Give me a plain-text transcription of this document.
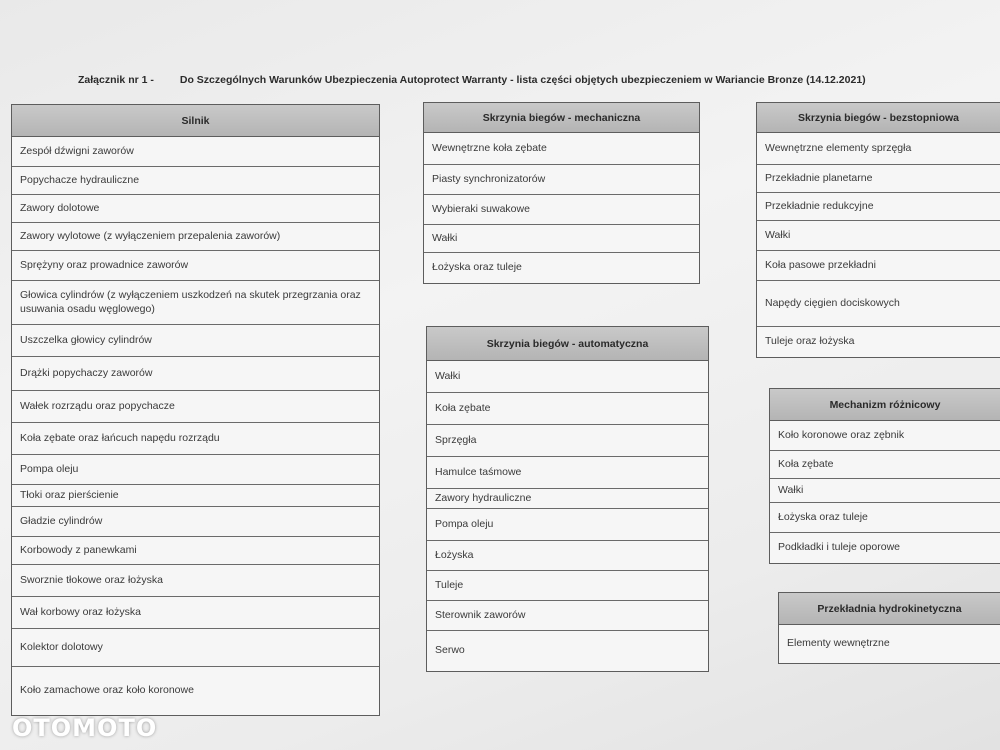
Załącznik nr 1 - Do Szczególnych Warunków Ubezpieczenia Autoprotect Warranty - lista części objętych ubezpieczeniem w Wariancie Bronze (14.12.2021)
Silnik
Zespół dźwigni zaworów
Popychacze hydrauliczne
Zawory dolotowe
Zawory wylotowe (z wyłączeniem przepalenia zaworów)
Sprężyny oraz prowadnice zaworów
Głowica cylindrów (z wyłączeniem uszkodzeń na skutek przegrzania oraz usuwania osadu węglowego)
Uszczelka głowicy cylindrów
Drążki popychaczy zaworów
Wałek rozrządu oraz popychacze
Koła zębate oraz łańcuch napędu rozrządu
Pompa oleju
Tłoki oraz pierścienie
Gładzie cylindrów
Korbowody z panewkami
Sworznie tłokowe oraz łożyska
Wał korbowy oraz łożyska
Kolektor dolotowy
Koło zamachowe oraz koło koronowe
Skrzynia biegów - mechaniczna
Wewnętrzne koła zębate
Piasty synchronizatorów
Wybieraki suwakowe
Wałki
Łożyska oraz tuleje
Skrzynia biegów - automatyczna
Wałki
Koła zębate
Sprzęgła
Hamulce taśmowe
Zawory hydrauliczne
Pompa oleju
Łożyska
Tuleje
Sterownik zaworów
Serwo
Skrzynia biegów - bezstopniowa
Wewnętrzne elementy sprzęgła
Przekładnie planetarne
Przekładnie redukcyjne
Wałki
Koła pasowe przekładni
Napędy cięgien dociskowych
Tuleje oraz łożyska
Mechanizm różnicowy
Koło koronowe oraz zębnik
Koła zębate
Wałki
Łożyska oraz tuleje
Podkładki i tuleje oporowe
Przekładnia hydrokinetyczna
Elementy wewnętrzne
OTOMOTO
